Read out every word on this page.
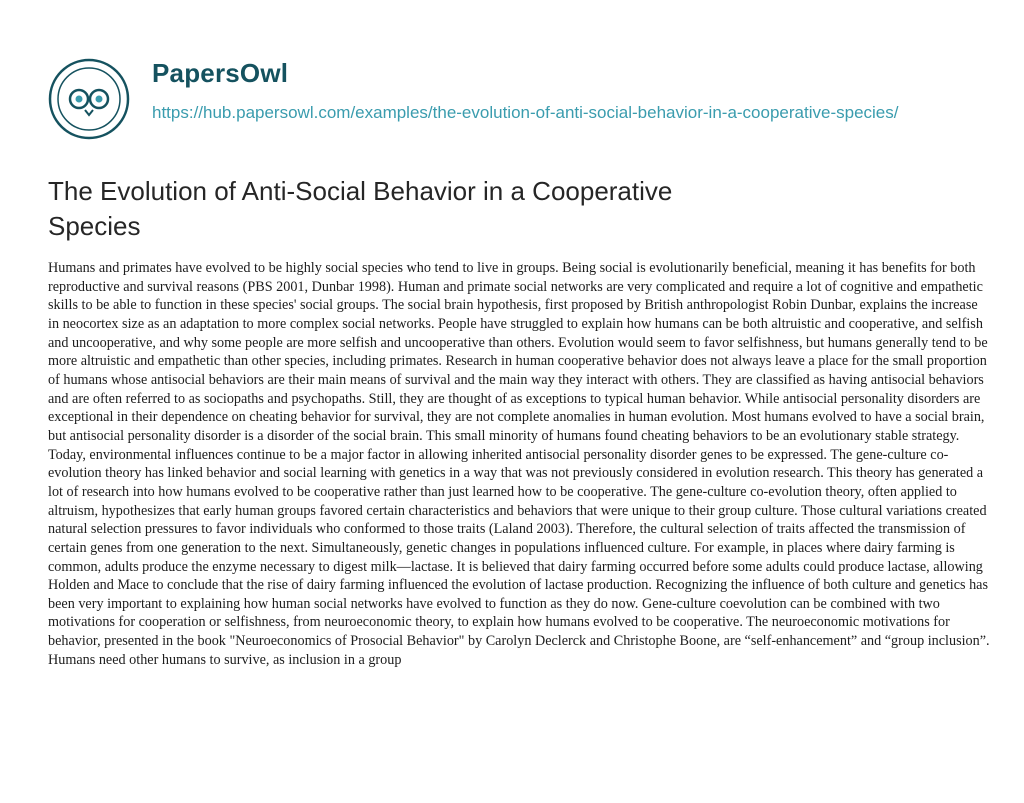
PapersOwl
https://hub.papersowl.com/examples/the-evolution-of-anti-social-behavior-in-a-cooperative-species/
The Evolution of Anti-Social Behavior in a Cooperative Species

Humans and primates have evolved to be highly social species who tend to live in groups. Being social is evolutionarily beneficial, meaning it has benefits for both reproductive and survival reasons (PBS 2001, Dunbar 1998). Human and primate social networks are very complicated and require a lot of cognitive and empathetic skills to be able to function in these species' social groups. The social brain hypothesis, first proposed by British anthropologist Robin Dunbar, explains the increase in neocortex size as an adaptation to more complex social networks. People have struggled to explain how humans can be both altruistic and cooperative, and selfish and uncooperative, and why some people are more selfish and uncooperative than others. Evolution would seem to favor selfishness, but humans generally tend to be more altruistic and empathetic than other species, including primates. Research in human cooperative behavior does not always leave a place for the small proportion of humans whose antisocial behaviors are their main means of survival and the main way they interact with others. They are classified as having antisocial behaviors and are often referred to as sociopaths and psychopaths. Still, they are thought of as exceptions to typical human behavior. While antisocial personality disorders are exceptional in their dependence on cheating behavior for survival, they are not complete anomalies in human evolution. Most humans evolved to have a social brain, but antisocial personality disorder is a disorder of the social brain. This small minority of humans found cheating behaviors to be an evolutionary stable strategy. Today, environmental influences continue to be a major factor in allowing inherited antisocial personality disorder genes to be expressed. The gene-culture co-evolution theory has linked behavior and social learning with genetics in a way that was not previously considered in evolution research. This theory has generated a lot of research into how humans evolved to be cooperative rather than just learned how to be cooperative. The gene-culture co-evolution theory, often applied to altruism, hypothesizes that early human groups favored certain characteristics and behaviors that were unique to their group culture. Those cultural variations created natural selection pressures to favor individuals who conformed to those traits (Laland 2003). Therefore, the cultural selection of traits affected the transmission of certain genes from one generation to the next. Simultaneously, genetic changes in populations influenced culture. For example, in places where dairy farming is common, adults produce the enzyme necessary to digest milk—lactase. It is believed that dairy farming occurred before some adults could produce lactase, allowing Holden and Mace to conclude that the rise of dairy farming influenced the evolution of lactase production. Recognizing the influence of both culture and genetics has been very important to explaining how human social networks have evolved to function as they do now. Gene-culture coevolution can be combined with two motivations for cooperation or selfishness, from neuroeconomic theory, to explain how humans evolved to be cooperative. The neuroeconomic motivations for behavior, presented in the book "Neuroeconomics of Prosocial Behavior" by Carolyn Declerck and Christophe Boone, are “self-enhancement” and “group inclusion”. Humans need other humans to survive, as inclusion in a group
